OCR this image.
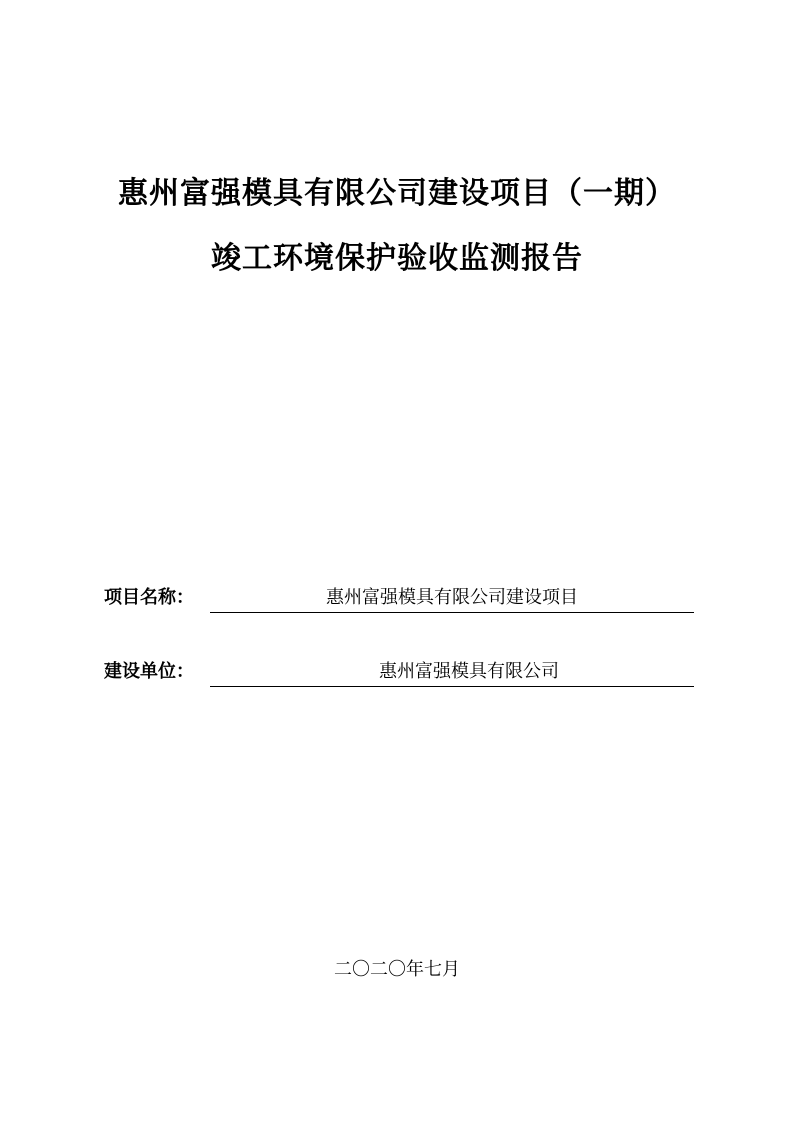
惠州富强模具有限公司建设项目（一期）
竣工环境保护验收监测报告
项目名称：	惠州富强模具有限公司建设项目
建设单位：	惠州富强模具有限公司
二〇二〇年七月
